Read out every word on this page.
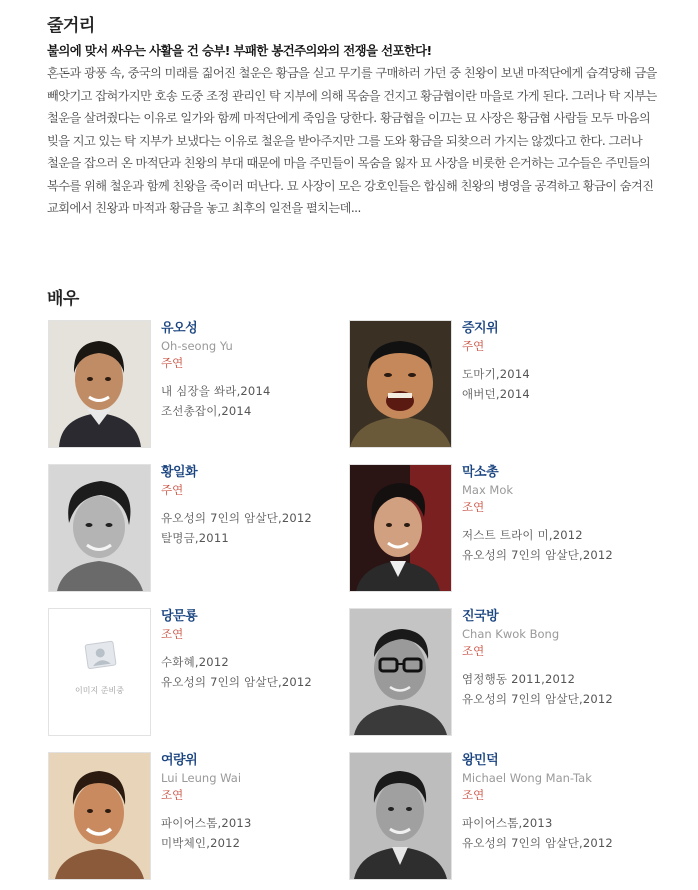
줄거리
불의에 맞서 싸우는 사활을 건 승부! 부패한 봉건주의와의 전쟁을 선포한다!

혼돈과 광풍 속, 중국의 미래를 짊어진 철운은 황금을 싣고 무기를 구매하러 가던 중 친왕이 보낸 마적단에게 습격당해 금을 빼앗기고 잡혀가지만 호송 도중 조정 관리인 탁 지부에 의해 목숨을 건지고 황금협이란 마을로 가게 된다. 그러나 탁 지부는 철운을 살려줬다는 이유로 일가와 함께 마적단에게 죽임을 당한다. 황금협을 이끄는 묘 사장은 황금협 사람들 모두 마음의 빚을 지고 있는 탁 지부가 보냈다는 이유로 철운을 받아주지만 그를 도와 황금을 되찾으러 가지는 않겠다고 한다. 그러나 철운을 잡으러 온 마적단과 친왕의 부대 때문에 마을 주민들이 목숨을 잃자 묘 사장을 비롯한 은거하는 고수들은 주민들의 복수를 위해 철운과 함께 친왕을 죽이러 떠난다. 묘 사장이 모은 강호인들은 합심해 친왕의 병영을 공격하고 황금이 숨겨진 교회에서 친왕과 마적과 황금을 놓고 최후의 일전을 펼치는데...

배우
유오성
Oh-seong Yu
주연
내 심장을 쏴라,2014
조선총잡이,2014
증지위
주연
도마기,2014
애버던,2014
황일화
주연
유오성의 7인의 암살단,2012
탈명금,2011
막소총
Max Mok
조연
저스트 트라이 미,2012
유오성의 7인의 암살단,2012
이미지 준비중
당문룡
조연
수화혜,2012
유오성의 7인의 암살단,2012
진국방
Chan Kwok Bong
조연
염정행동 2011,2012
유오성의 7인의 암살단,2012
여량위
Lui Leung Wai
조연
파이어스톰,2013
미박체인,2012
왕민덕
Michael Wong Man-Tak
조연
파이어스톰,2013
유오성의 7인의 암살단,2012
